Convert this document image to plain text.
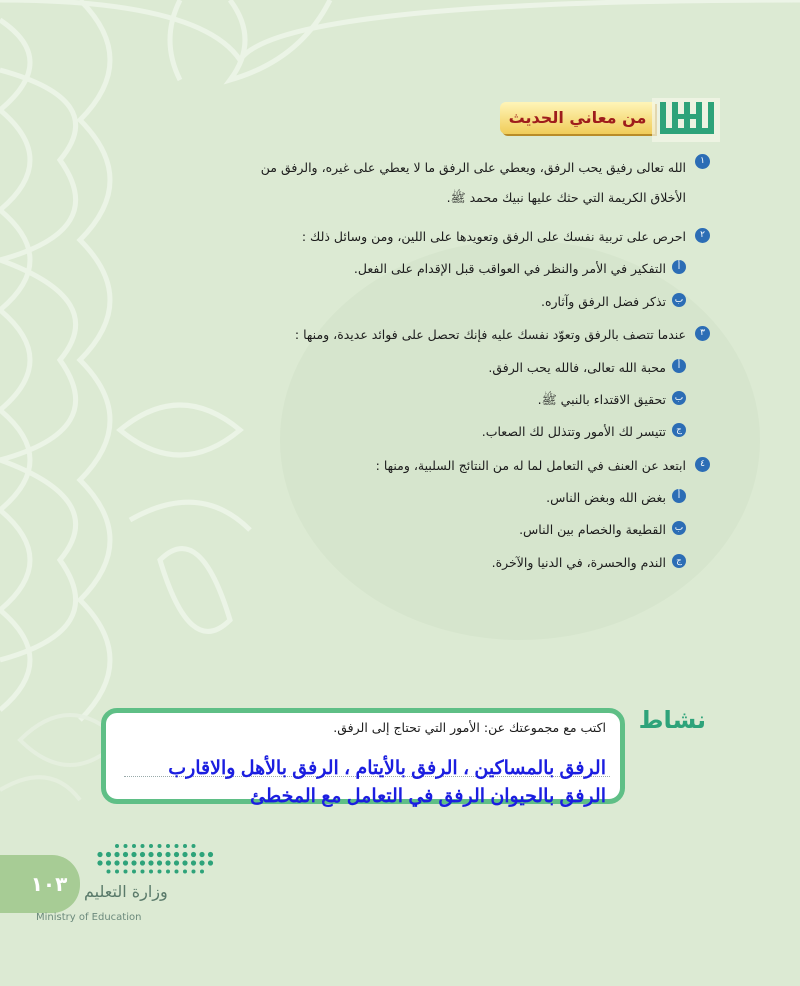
من معاني الحديث
١
الله تعالى رفيق يحب الرفق، ويعطي على الرفق ما لا يعطي على غيره، والرفق من الأخلاق الكريمة التي حثك عليها نبيك محمد ﷺ.
٢
احرص على تربية نفسك على الرفق وتعويدها على اللين، ومن وسائل ذلك :
أ
التفكير في الأمر والنظر في العواقب قبل الإقدام على الفعل.
ب
تذكر فضل الرفق وآثاره.
٣
عندما تتصف بالرفق وتعوّد نفسك عليه فإنك تحصل على فوائد عديدة، ومنها :
أ
محبة الله تعالى، فالله يحب الرفق.
ب
تحقيق الاقتداء بالنبي ﷺ.
ج
تتيسر لك الأمور وتتذلل لك الصعاب.
٤
ابتعد عن العنف في التعامل لما له من النتائج السلبية، ومنها :
أ
بغض الله وبغض الناس.
ب
القطيعة والخصام بين الناس.
ج
الندم والحسرة، في الدنيا والآخرة.
نشاط
اكتب مع مجموعتك عن: الأمور التي تحتاج إلى الرفق.
الرفق بالمساكين ، الرفق بالأيتام ، الرفق بالأهل والاقارب
الرفق بالحيوان الرفق في التعامل مع المخطئ
١٠٣	وزارة التعليم
Ministry of Education
